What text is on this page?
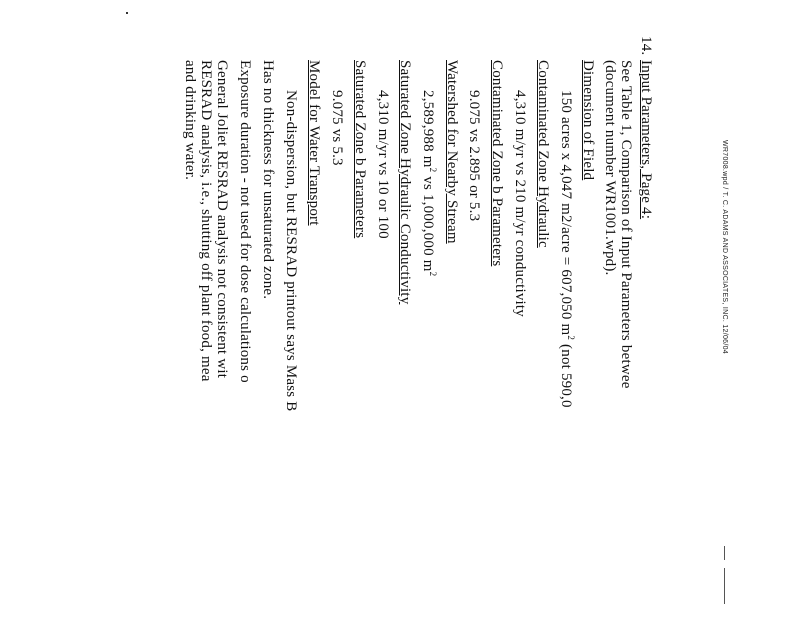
14.
Input Parameters, Page 4:
See Table 1, Comparison of Input Parameters betwee
(document number WR1001.wpd).
Dimension of Field
150 acres x 4,047 m2/acre = 607,050 $m^2$ (not 590,0
Contaminated Zone Hydraulic
4,310 m/yr vs 210 m/yr conductivity
Contaminated Zone b Parameters
9.075 vs 2.895 or 5.3
Watershed for Nearby Stream
2,589,988 $m^2$ vs 1,000,000 $m^2$
Saturated Zone Hydraulic Conductivity
4,310 m/yr vs 10 or 100
Saturated Zone b Parameters
9.075 vs 5.3
Model for Water Transport
Non-dispersion, but RESRAD printout says Mass B
Has no thickness for unsaturated zone.
Exposure duration - not used for dose calculations o
General Joliet RESRAD analysis not consistent wit
RESRAD analysis, i.e., shutting off plant food, mea
and drinking water.
WR7008.wpd / T. C. ADAMS AND ASSOCIATES, INC. 12/06/04
